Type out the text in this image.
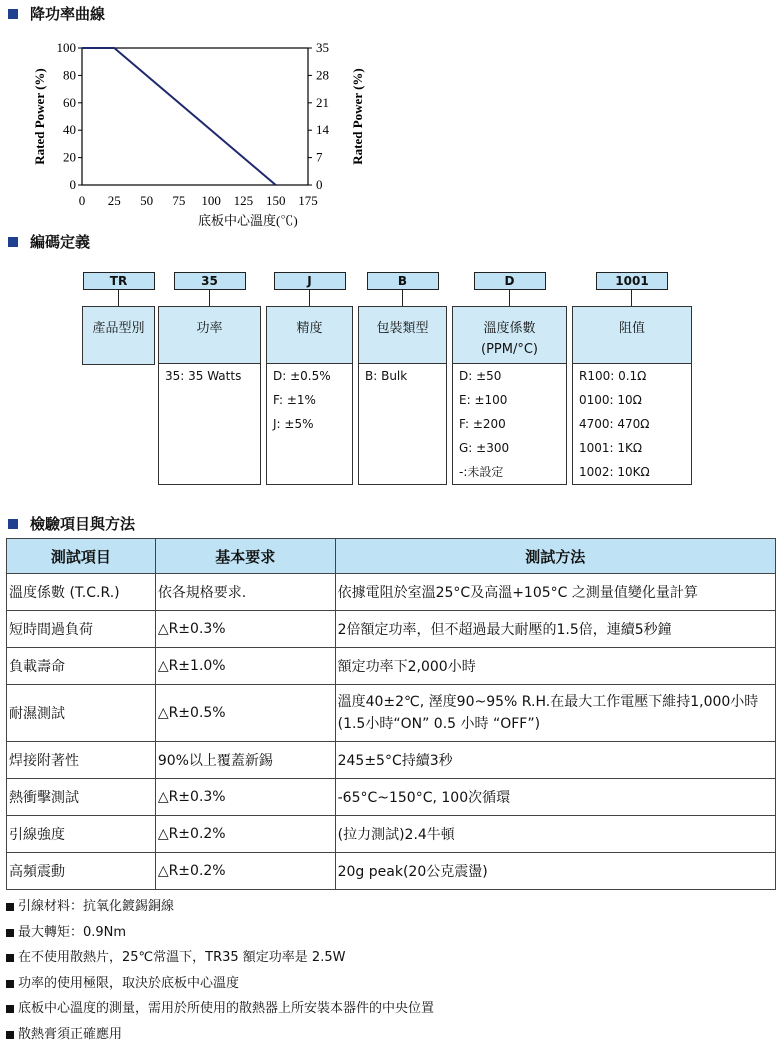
降功率曲線
0
20
40
60
80
100
0
7
14
21
28
35
0 25 50 75 100 125 150 175
底板中心溫度(℃)
Rated Power (%)	Rated Power (%)
編碼定義
TR
產品型別
35
功率
35: 35 Watts
J
精度
D: ±0.5%
F: ±1%
J: ±5%
B
包裝類型
B: Bulk
D
溫度係數
(PPM/°C)
D: ±50
E: ±100
F: ±200
G: ±300
-:未設定
1001
阻值
R100: 0.1Ω
0100: 10Ω
4700: 470Ω
1001: 1KΩ
1002: 10KΩ
檢驗項目與方法
測試項目	基本要求	測試方法
溫度係數 (T.C.R.)	依各規格要求.	依據電阻於室溫25°C及高溫+105°C 之測量值變化量計算
短時間過負荷	△R±0.3%	2倍額定功率，但不超過最大耐壓的1.5倍，連續5秒鐘
負載壽命	△R±1.0%	額定功率下2,000小時
耐濕測試	△R±0.5%	溫度40±2℃, 溼度90~95% R.H.在最大工作電壓下維持1,000小時(1.5小時“ON” 0.5 小時 “OFF”)
焊接附著性	90%以上覆蓋新錫	245±5°C持續3秒
熱衝擊測試	△R±0.3%	-65°C~150°C, 100次循環
引線強度	△R±0.2%	(拉力測試)2.4牛頓
高頻震動	△R±0.2%	20g peak(20公克震盪)
引線材料：抗氧化鍍錫銅線
最大轉矩：0.9Nm
在不使用散熱片，25℃常溫下，TR35 額定功率是 2.5W
功率的使用極限，取決於底板中心溫度
底板中心溫度的測量，需用於所使用的散熱器上所安裝本器件的中央位置
散熱膏須正確應用
